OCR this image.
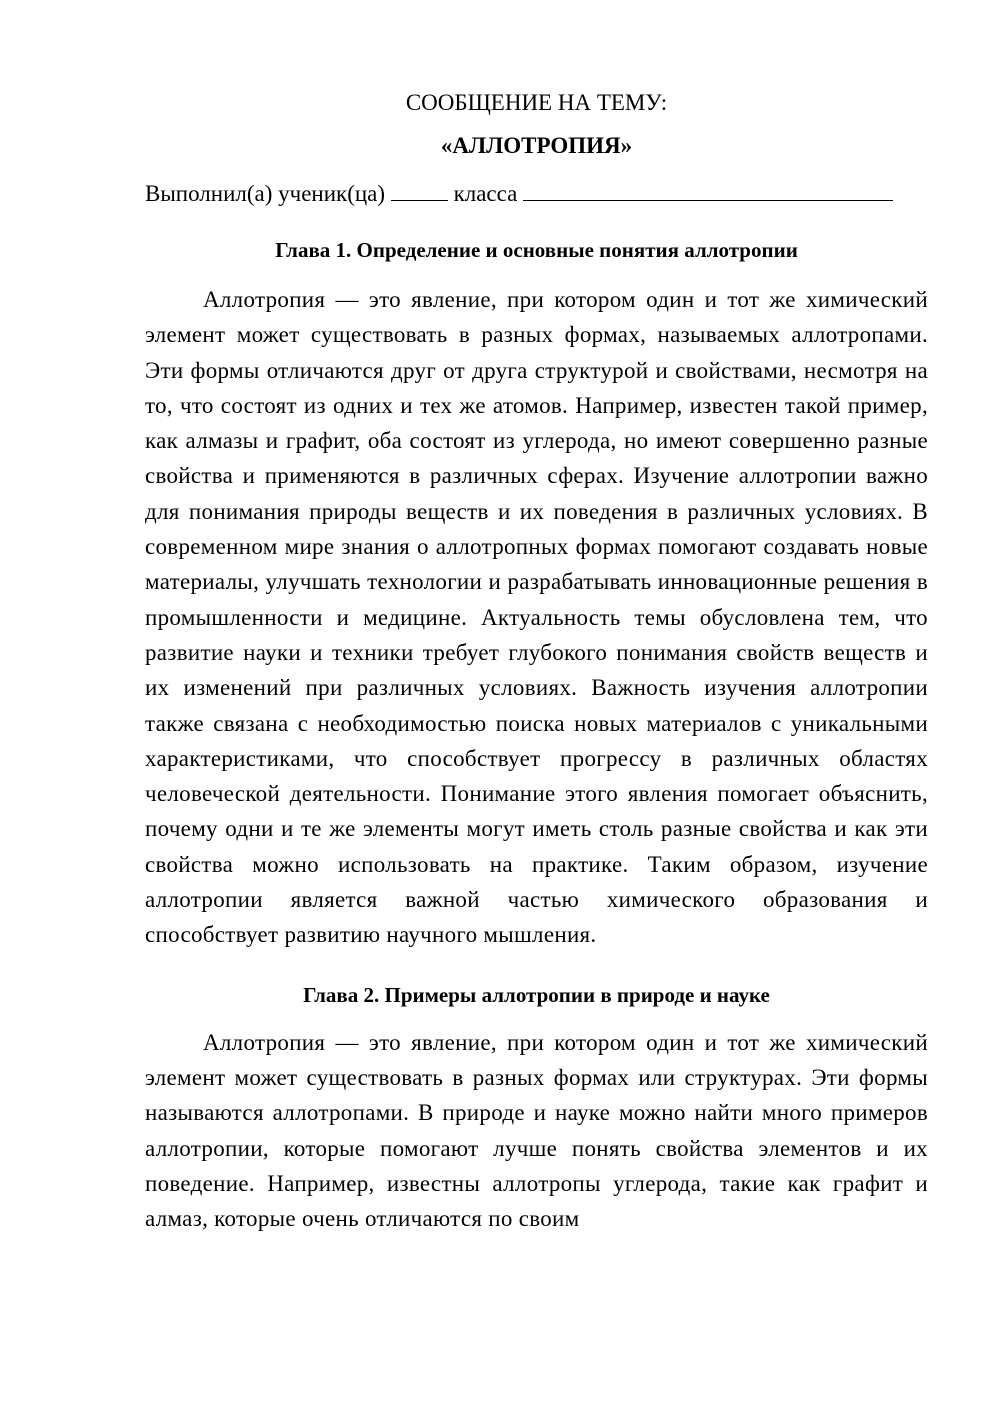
СООБЩЕНИЕ НА ТЕМУ:

«АЛЛОТРОПИЯ»

Выполнил(а) ученик(ца)	класса

Глава 1. Определение и основные понятия аллотропии

Аллотропия — это явление, при котором один и тот же химический элемент может существовать в разных формах, называемых аллотропами. Эти формы отличаются друг от друга структурой и свойствами, несмотря на то, что состоят из одних и тех же атомов. Например, известен такой пример, как алмазы и графит, оба состоят из углерода, но имеют совершенно разные свойства и применяются в различных сферах. Изучение аллотропии важно для понимания природы веществ и их поведения в различных условиях. В современном мире знания о аллотропных формах помогают создавать новые материалы, улучшать технологии и разрабатывать инновационные решения в промышленности и медицине. Актуальность темы обусловлена тем, что развитие науки и техники требует глубокого понимания свойств веществ и их изменений при различных условиях. Важность изучения аллотропии также связана с необходимостью поиска новых материалов с уникальными характеристиками, что способствует прогрессу в различных областях человеческой деятельности. Понимание этого явления помогает объяснить, почему одни и те же элементы могут иметь столь разные свойства и как эти свойства можно использовать на практике. Таким образом, изучение аллотропии является важной частью химического образования и способствует развитию научного мышления.

Глава 2. Примеры аллотропии в природе и науке

Аллотропия — это явление, при котором один и тот же химический элемент может существовать в разных формах или структурах. Эти формы называются аллотропами. В природе и науке можно найти много примеров аллотропии, которые помогают лучше понять свойства элементов и их поведение. Например, известны аллотропы углерода, такие как графит и алмаз, которые очень отличаются по своим
